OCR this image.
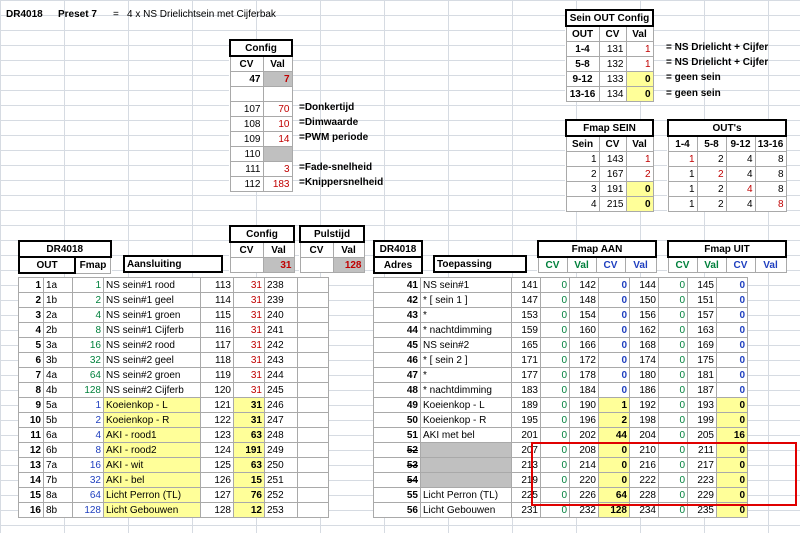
DR4018 Preset 7 = 4 x NS Drielichtsein met Cijferbak
Config	
CV	Val
47	7

107	70
108	10
109	14
110	
111	3
112	183
=Donkertijd
=Dimwaarde
=PWM periode
=Fade-snelheid
=Knippersnelheid
Sein OUT Config		
OUT	CV	Val
1-4	131	1
5-8	132	1
9-12	133	0
13-16	134	0
= NS Drielicht + Cijfer
= NS Drielicht + Cijfer
= geen sein
= geen sein
Fmap SEIN		
Sein	CV	Val
1	143	1
2	167	2
3	191	0
4	215	0
OUT's			
1-4	5-8	9-12	13-16
1	2	4	8
1	2	4	8
1	2	4	8
1	2	4	8
DR4018
OUT	Fmap Aansluiting
Config	
CV	Val
	31
Pulstijd	
CV	Val
	128
1	1a	1	NS sein#1 rood	113	31	238	
2	1b	2	NS sein#1 geel	114	31	239	
3	2a	4	NS sein#1 groen	115	31	240	
4	2b	8	NS sein#1 Cijferb	116	31	241	
5	3a	16	NS sein#2 rood	117	31	242	
6	3b	32	NS sein#2 geel	118	31	243	
7	4a	64	NS sein#2 groen	119	31	244	
8	4b	128	NS sein#2 Cijferb	120	31	245	
9	5a	1	Koeienkop - L	121	31	246	
10	5b	2	Koeienkop - R	122	31	247	
11	6a	4	AKI - rood1	123	63	248	
12	6b	8	AKI - rood2	124	191	249	
13	7a	16	AKI - wit	125	63	250	
14	7b	32	AKI - bel	126	15	251	
15	8a	64	Licht Perron (TL)	127	76	252	
16	8b	128	Licht Gebouwen	128	12	253	
DR4018
Adres Toepassing
Fmap AAN
CV	Val	CV	Val
Fmap UIT
CV	Val	CV	Val
41	NS sein#1	141	0	142	0	144	0	145	0
42	* [ sein 1 ]	147	0	148	0	150	0	151	0
43	*	153	0	154	0	156	0	157	0
44	* nachtdimming	159	0	160	0	162	0	163	0
45	NS sein#2	165	0	166	0	168	0	169	0
46	* [ sein 2 ]	171	0	172	0	174	0	175	0
47	*	177	0	178	0	180	0	181	0
48	* nachtdimming	183	0	184	0	186	0	187	0
49	Koeienkop - L	189	0	190	1	192	0	193	0
50	Koeienkop - R	195	0	196	2	198	0	199	0
51	AKI met bel	201	0	202	44	204	0	205	16
52		207	0	208	0	210	0	211	0
53		213	0	214	0	216	0	217	0
54		219	0	220	0	222	0	223	0
55	Licht Perron (TL)	225	0	226	64	228	0	229	0
56	Licht Gebouwen	231	0	232	128	234	0	235	0
